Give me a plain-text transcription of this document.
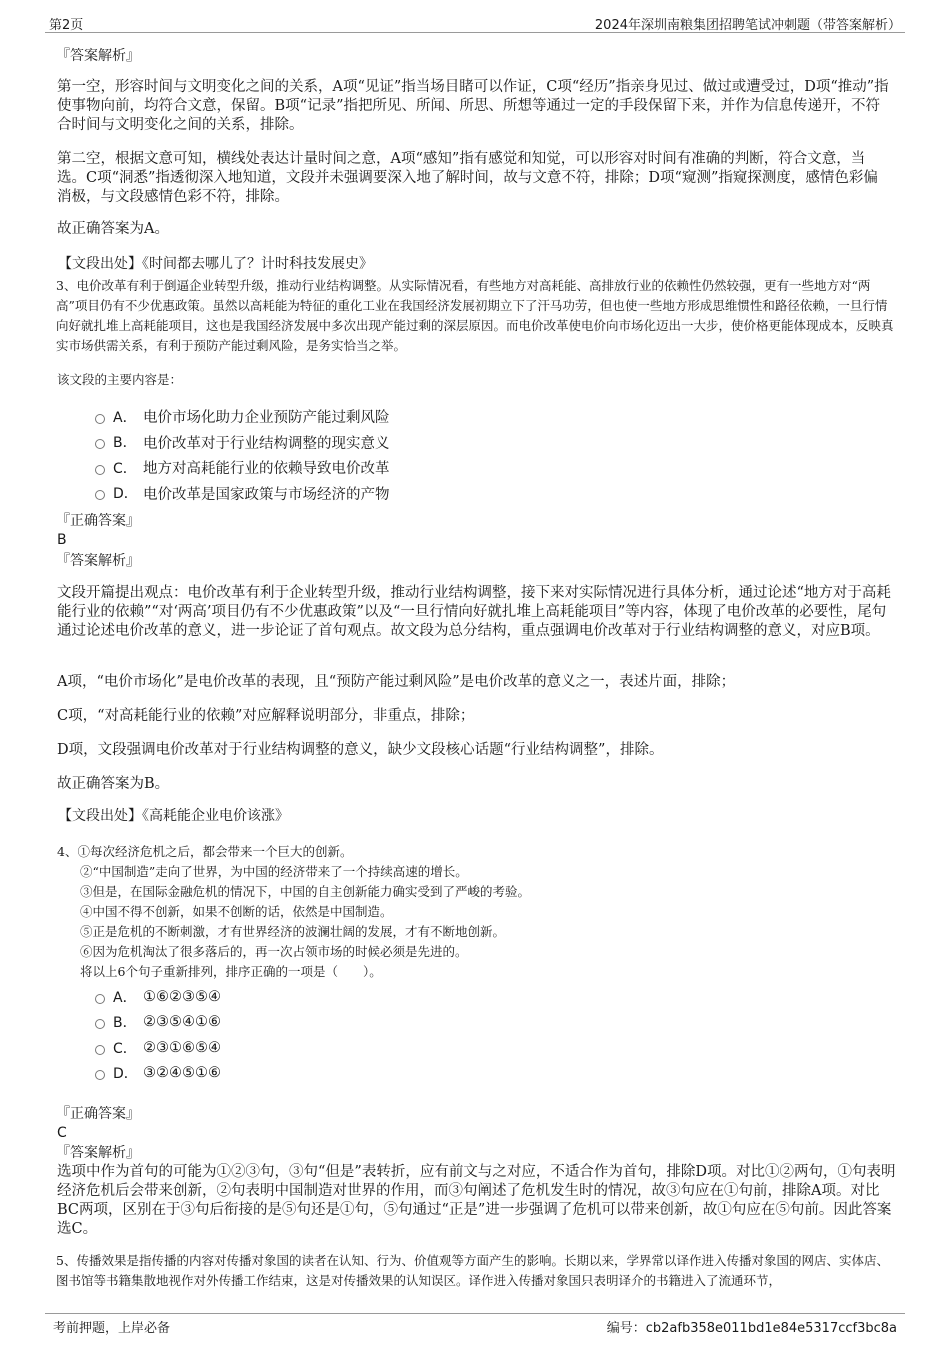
第2页	2024年深圳南粮集团招聘笔试冲刺题（带答案解析）
『答案解析』

第一空，形容时间与文明变化之间的关系，A项“见证”指当场目睹可以作证，C项“经历”指亲身见过、做过或遭受过，D项“推动”指使事物向前，均符合文意，保留。B项“记录”指把所见、所闻、所思、所想等通过一定的手段保留下来，并作为信息传递开，不符合时间与文明变化之间的关系，排除。

第二空，根据文意可知，横线处表达计量时间之意，A项“感知”指有感觉和知觉，可以形容对时间有准确的判断，符合文意，当选。C项“洞悉”指透彻深入地知道，文段并未强调要深入地了解时间，故与文意不符，排除；D项“窥测”指窥探测度，感情色彩偏消极，与文段感情色彩不符，排除。

故正确答案为A。
【文段出处】《时间都去哪儿了？计时科技发展史》

3、电价改革有利于倒逼企业转型升级，推动行业结构调整。从实际情况看，有些地方对高耗能、高排放行业的依赖性仍然较强，更有一些地方对“两高”项目仍有不少优惠政策。虽然以高耗能为特征的重化工业在我国经济发展初期立下了汗马功劳，但也使一些地方形成思维惯性和路径依赖，一旦行情向好就扎堆上高耗能项目，这也是我国经济发展中多次出现产能过剩的深层原因。而电价改革使电价向市场化迈出一大步，使价格更能体现成本，反映真实市场供需关系，有利于预防产能过剩风险，是务实恰当之举。

该文段的主要内容是：
A． 电价市场化助力企业预防产能过剩风险
B． 电价改革对于行业结构调整的现实意义
C． 地方对高耗能行业的依赖导致电价改革
D． 电价改革是国家政策与市场经济的产物
『正确答案』
B
『答案解析』

文段开篇提出观点：电价改革有利于企业转型升级，推动行业结构调整，接下来对实际情况进行具体分析，通过论述“地方对于高耗能行业的依赖”“对‘两高’项目仍有不少优惠政策”以及“一旦行情向好就扎堆上高耗能项目”等内容，体现了电价改革的必要性，尾句通过论述电价改革的意义，进一步论证了首句观点。故文段为总分结构，重点强调电价改革对于行业结构调整的意义，对应B项。

A项，“电价市场化”是电价改革的表现，且“预防产能过剩风险”是电价改革的意义之一，表述片面，排除；
C项，“对高耗能行业的依赖”对应解释说明部分，非重点，排除；
D项，文段强调电价改革对于行业结构调整的意义，缺少文段核心话题“行业结构调整”，排除。
故正确答案为B。
【文段出处】《高耗能企业电价该涨》
4、①每次经济危机之后，都会带来一个巨大的创新。
②“中国制造”走向了世界，为中国的经济带来了一个持续高速的增长。
③但是，在国际金融危机的情况下，中国的自主创新能力确实受到了严峻的考验。
④中国不得不创新，如果不创断的话，依然是中国制造。
⑤正是危机的不断刺激，才有世界经济的波澜壮阔的发展，才有不断地创新。
⑥因为危机淘汰了很多落后的，再一次占领市场的时候必须是先进的。
将以上6个句子重新排列，排序正确的一项是（　　）。
A． ①⑥②③⑤④
B． ②③⑤④①⑥
C． ②③①⑥⑤④
D． ③②④⑤①⑥
『正确答案』
C
『答案解析』

选项中作为首句的可能为①②③句，③句“但是”表转折，应有前文与之对应，不适合作为首句，排除D项。对比①②两句，①句表明经济危机后会带来创新，②句表明中国制造对世界的作用，而③句阐述了危机发生时的情况，故③句应在①句前，排除A项。对比BC两项，区别在于③句后衔接的是⑤句还是①句，⑤句通过“正是”进一步强调了危机可以带来创新，故①句应在⑤句前。因此答案选C。

5、传播效果是指传播的内容对传播对象国的读者在认知、行为、价值观等方面产生的影响。长期以来，学界常以译作进入传播对象国的网店、实体店、图书馆等书籍集散地视作对外传播工作结束，这是对传播效果的认知误区。译作进入传播对象国只表明译介的书籍进入了流通环节，

考前押题，上岸必备	编号：cb2afb358e011bd1e84e5317ccf3bc8a
